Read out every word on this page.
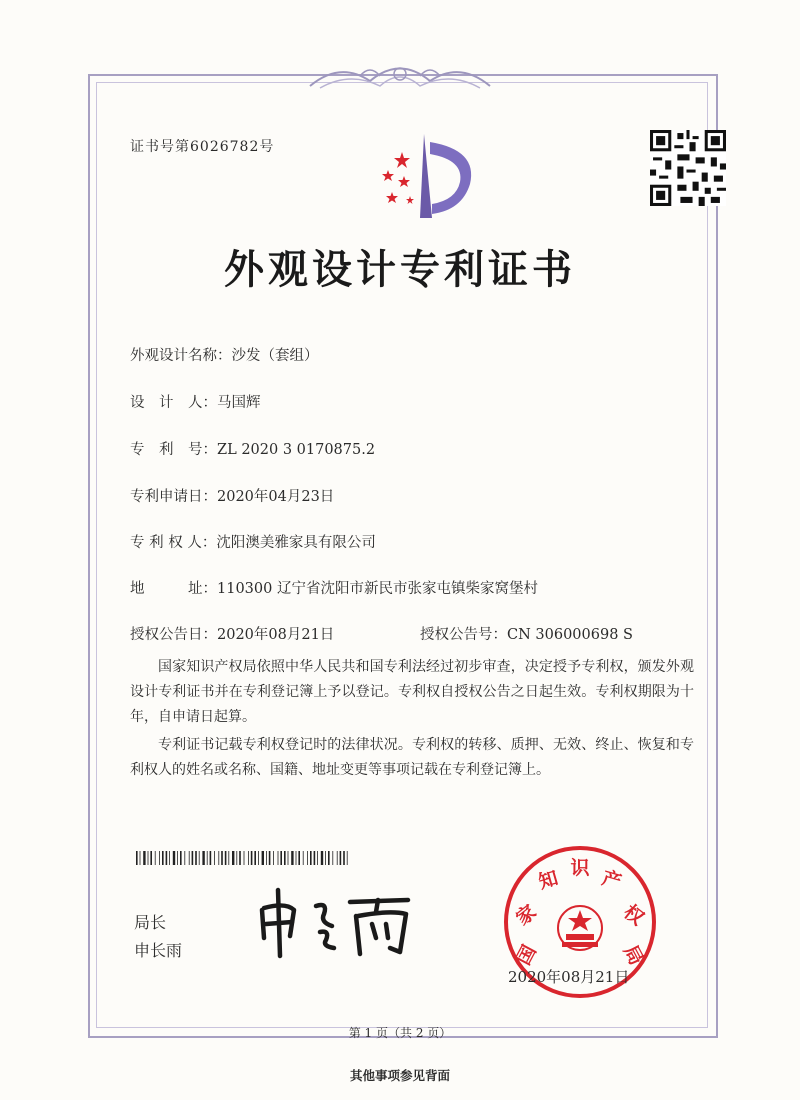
证书号第6026782号
外观设计专利证书
外观设计名称：沙发（套组）
设　计　人：马国辉
专　利　号：ZL 2020 3 0170875.2
专利申请日：2020年04月23日
专 利 权 人：沈阳澳美雅家具有限公司
地　　　址：110300 辽宁省沈阳市新民市张家屯镇柴家窝堡村
授权公告日：2020年08月21日	授权公告号：CN 306000698 S
国家知识产权局依照中华人民共和国专利法经过初步审查，决定授予专利权，颁发外观设计专利证书并在专利登记簿上予以登记。专利权自授权公告之日起生效。专利权期限为十年，自申请日起算。
专利证书记载专利权登记时的法律状况。专利权的转移、质押、无效、终止、恢复和专利权人的姓名或名称、国籍、地址变更等事项记载在专利登记簿上。
局长
申长雨	国
家
知 识 产
权
局
2020年08月21日
第 1 页（共 2 页）
其他事项参见背面
